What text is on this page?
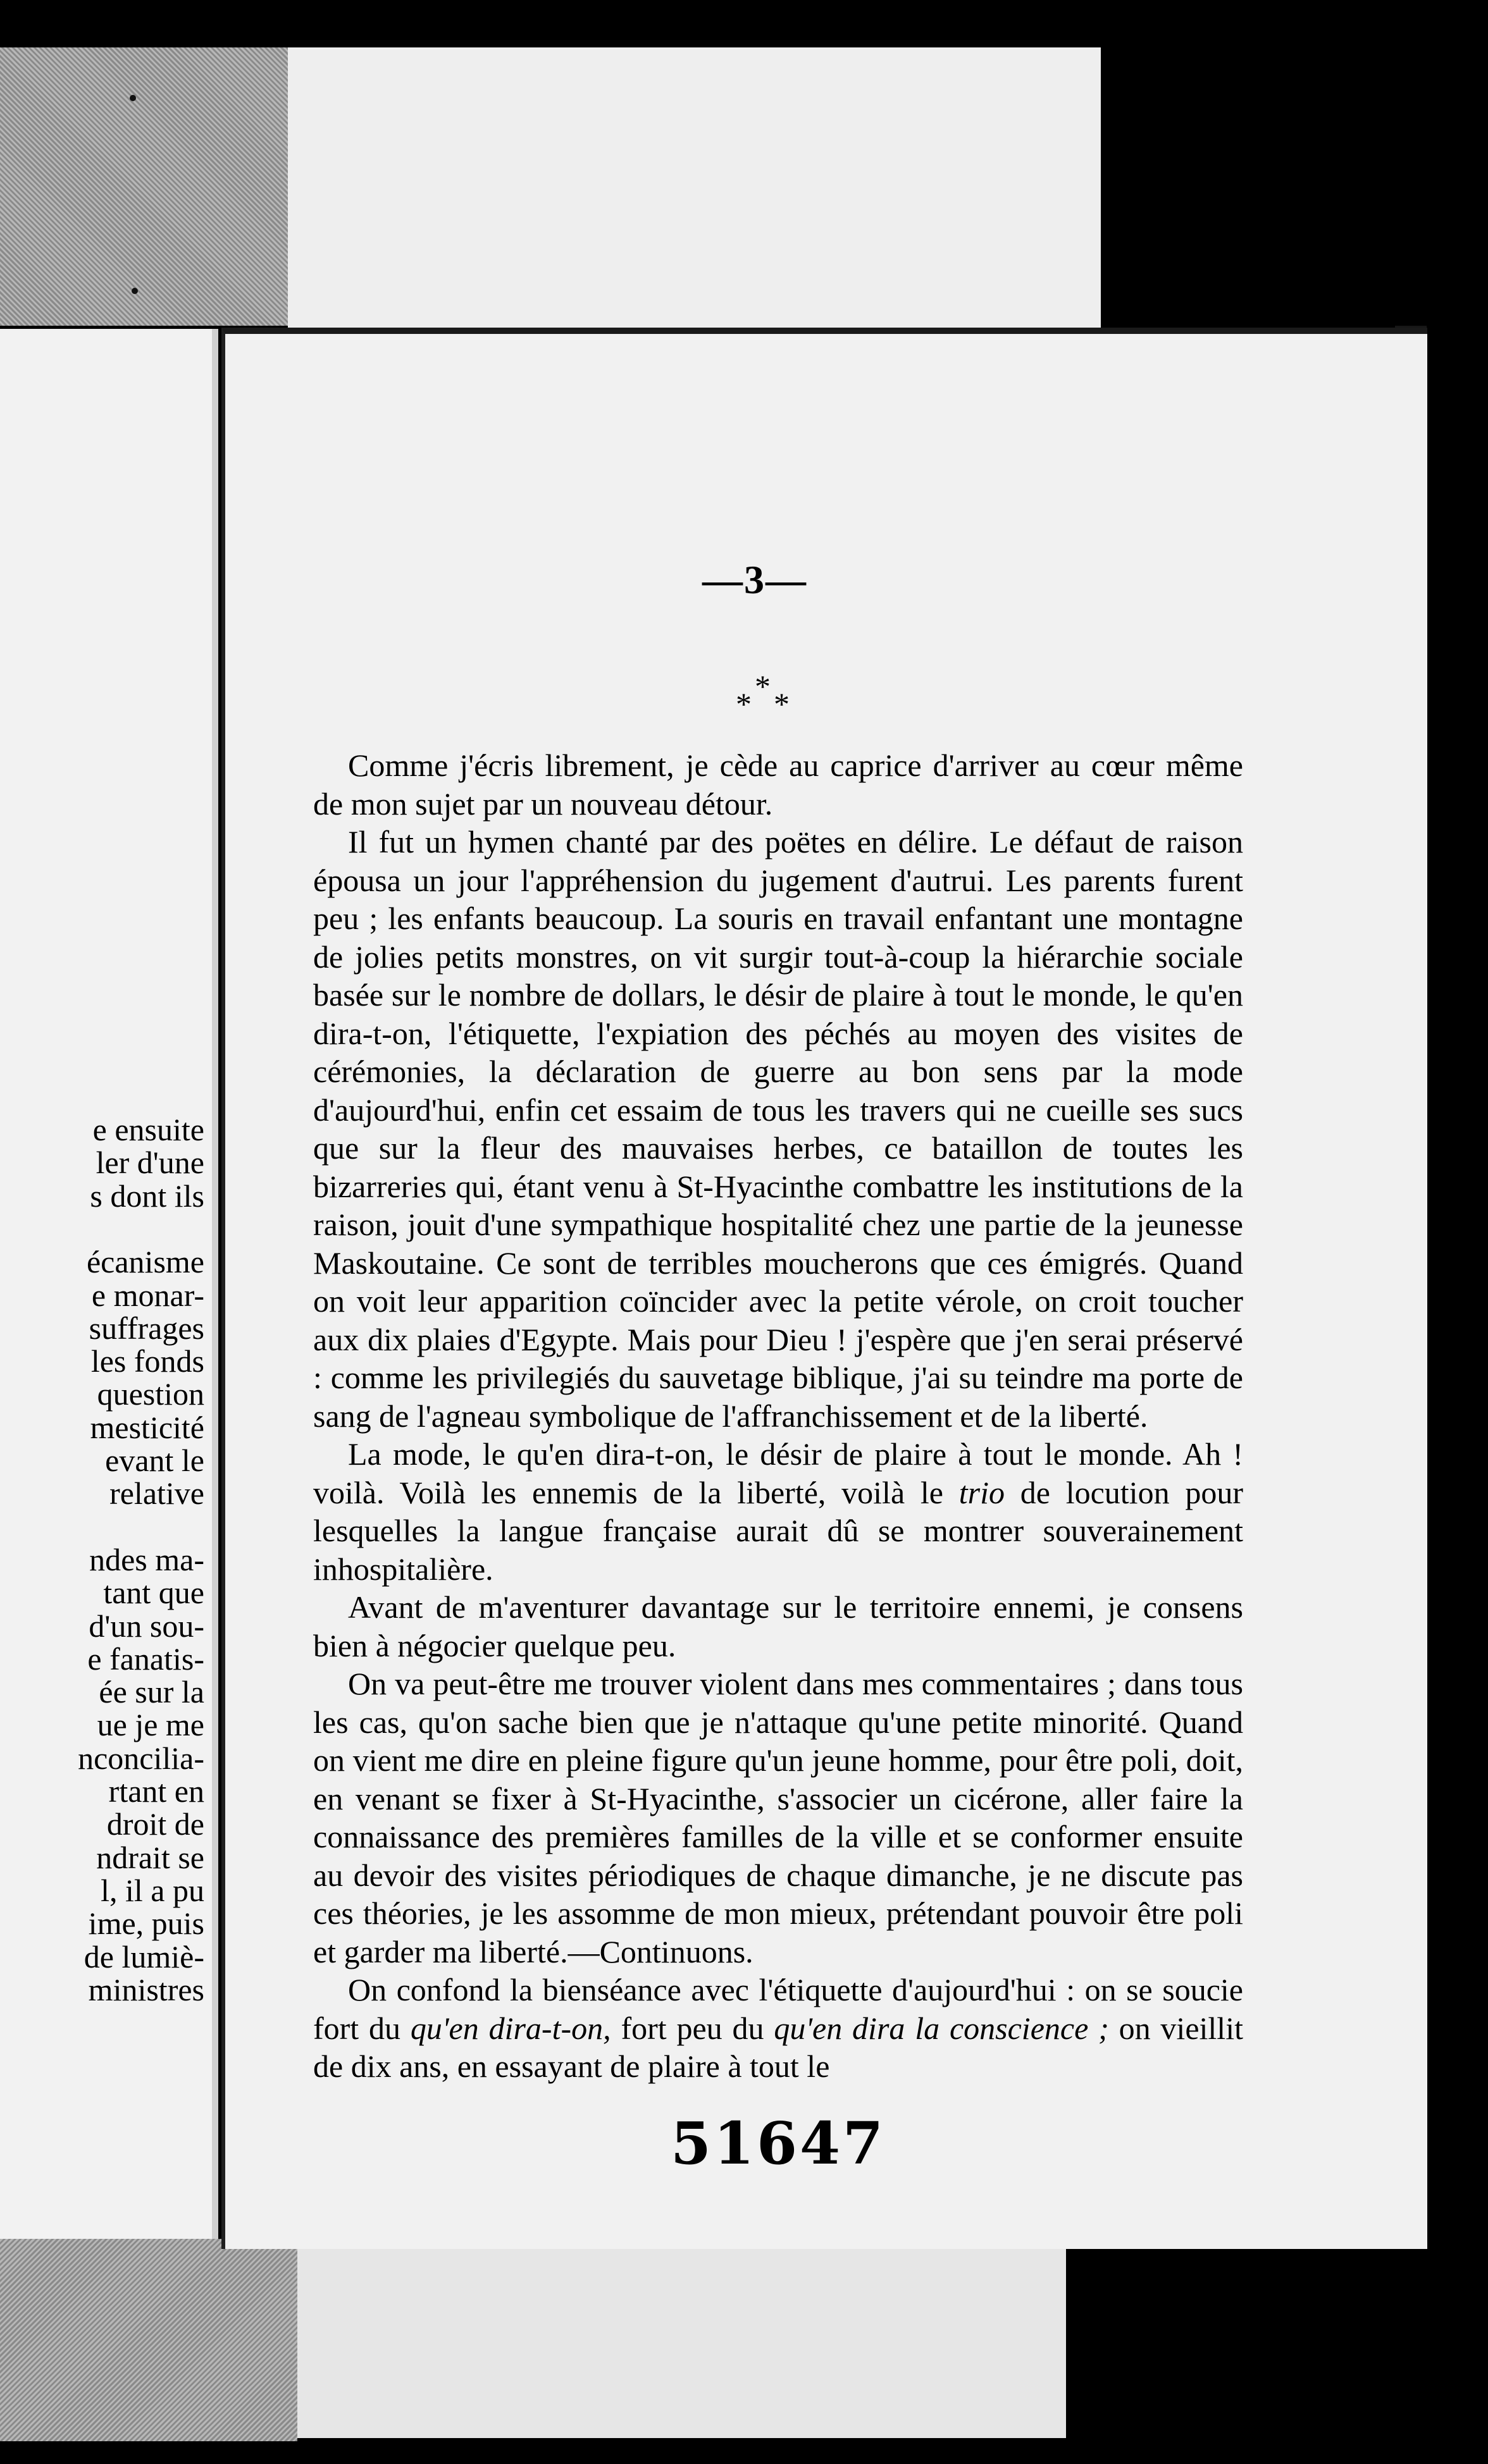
e ensuite
ler d'une
s dont ils
écanisme
e monar-
suffrages
les fonds
question
mesticité
evant le
relative
ndes ma-
tant que
d'un sou-
e fanatis-
ée sur la
ue je me
nconcilia-
rtant en
droit de
ndrait se
l, il a pu
ime, puis
de lumiè-
ministres
—3—
*
* *

Comme j'écris librement, je cède au caprice d'arriver au cœur même de mon sujet par un nouveau détour.

Il fut un hymen chanté par des poëtes en délire. Le défaut de raison épousa un jour l'appréhension du jugement d'autrui. Les parents furent peu ; les enfants beaucoup. La souris en travail enfantant une montagne de jolies petits monstres, on vit surgir tout-à-coup la hiérarchie sociale basée sur le nombre de dollars, le désir de plaire à tout le monde, le qu'en dira-t-on, l'étiquette, l'expiation des péchés au moyen des visites de cérémonies, la déclaration de guerre au bon sens par la mode d'aujourd'hui, enfin cet essaim de tous les travers qui ne cueille ses sucs que sur la fleur des mauvaises herbes, ce bataillon de toutes les bizarreries qui, étant venu à St-Hyacinthe combattre les institutions de la raison, jouit d'une sympathique hospitalité chez une partie de la jeunesse Maskoutaine. Ce sont de terribles moucherons que ces émigrés. Quand on voit leur apparition coïncider avec la petite vérole, on croit toucher aux dix plaies d'Egypte. Mais pour Dieu ! j'espère que j'en serai préservé : comme les privilegiés du sauvetage biblique, j'ai su teindre ma porte de sang de l'agneau symbolique de l'affranchissement et de la liberté.

La mode, le qu'en dira-t-on, le désir de plaire à tout le monde. Ah ! voilà. Voilà les ennemis de la liberté, voilà le trio de locution pour lesquelles la langue française aurait dû se montrer souverainement inhospitalière.

Avant de m'aventurer davantage sur le territoire ennemi, je consens bien à négocier quelque peu.

On va peut-être me trouver violent dans mes commentaires ; dans tous les cas, qu'on sache bien que je n'attaque qu'une petite minorité. Quand on vient me dire en pleine figure qu'un jeune homme, pour être poli, doit, en venant se fixer à St-Hyacinthe, s'associer un cicérone, aller faire la connaissance des premières familles de la ville et se conformer ensuite au devoir des visites périodiques de chaque dimanche, je ne discute pas ces théories, je les assomme de mon mieux, prétendant pouvoir être poli et garder ma liberté.—Continuons.

On confond la bienséance avec l'étiquette d'aujourd'hui : on se soucie fort du qu'en dira-t-on, fort peu du qu'en dira la conscience ; on vieillit de dix ans, en essayant de plaire à tout le

51647
